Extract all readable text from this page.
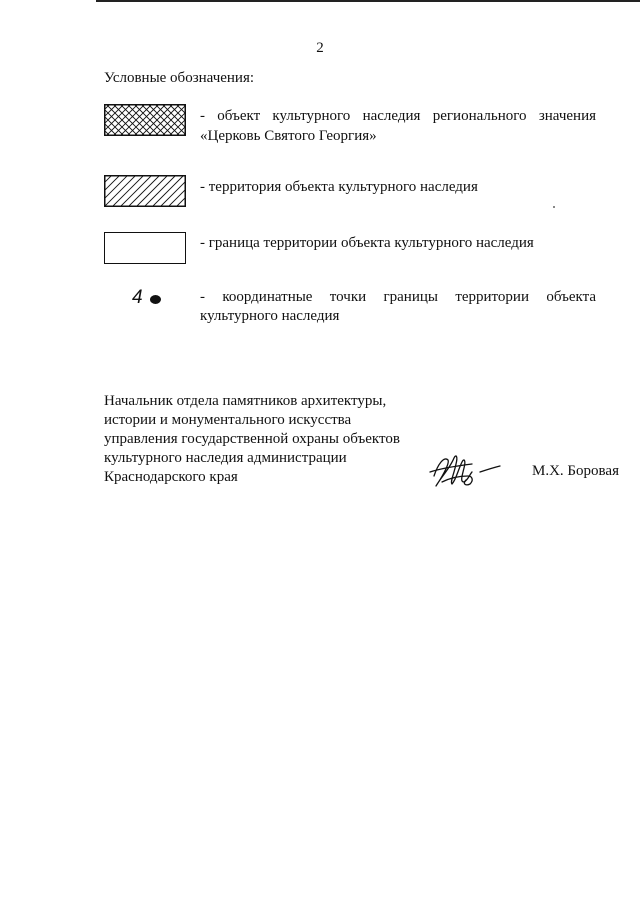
2
Условные обозначения:
- объект культурного наследия регионального значения
«Церковь Святого Георгия»
- территория объекта культурного наследия
- граница территории объекта культурного наследия
4	- координатные точки границы территории объекта
культурного наследия
Начальник отдела памятников архитектуры,
истории и монументального искусства
управления государственной охраны объектов
культурного наследия администрации
Краснодарского края	М.Х. Боровая
